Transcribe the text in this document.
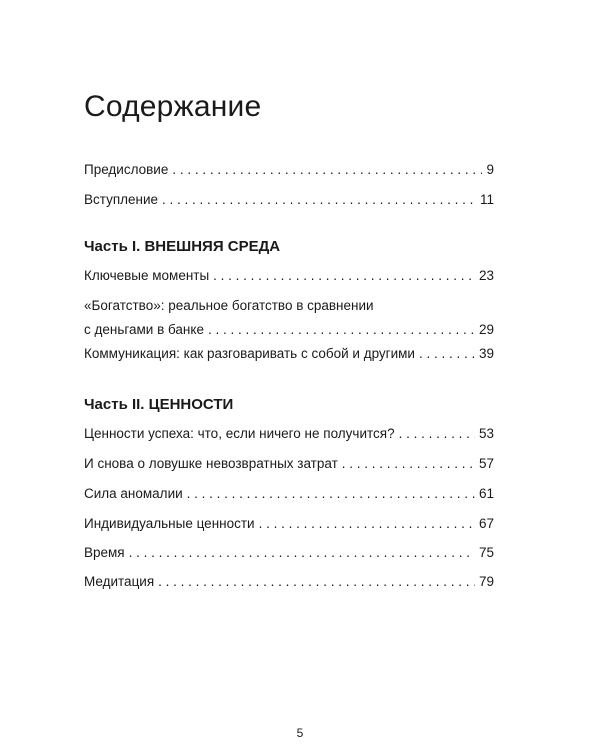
Содержание
Предисловие . . .	9
Вступление . . .	11
Часть I. ВНЕШНЯЯ СРЕДА
Ключевые моменты . . .	23
«Богатство»: реальное богатство в сравнении
с деньгами в банке . . .	29
Коммуникация: как разговаривать с собой и другими . . .	39
Часть II. ЦЕННОСТИ
Ценности успеха: что, если ничего не получится? . . .	53
И снова о ловушке невозвратных затрат . . .	57
Сила аномалии . . .	61
Индивидуальные ценности . . .	67
Время . . .	75
Медитация . . .	79
5
